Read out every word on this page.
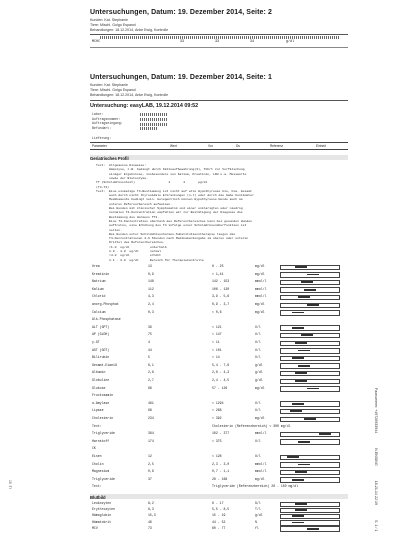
Untersuchungen, Datum: 19. Dezember 2014, Seite: 2
Kunden: Kat. Stephanie
Tiere: Mischl. Golgo Espanol
Behandlungen: 18.12.2014, Anke Ewig, Kontrolle
MCHC	33	33	34	g/dl
Untersuchungen, Datum: 19. Dezember 2014, Seite: 1
Kunden: Kat. Stephanie
Tiere: Mischl. Golgo Espanol
Behandlungen: 18.12.2014, Anke Ewig, Kontrolle
Untersuchung: easyLAB, 19.12.2014 09:52
Labor:
Auftragsnummer:
Auftragseingang:
Befundart:
Lieferung:
Parameter	Wert	Vor	Ds	Referenz	Einheit
Geriatrisches Profil
Text:  Allgemeine Hinweise:
Hämolyse, z.B. bedingt durch Kälteaufbewahrung(3), führt zur Verfälschung
einiger Ergebnisse, insbesondere von Kalium, Kreatinin, LDH u.a. Messwerte
sowie der Blutenzyme.
TT (Schilddrüsentest)                  1       4       µg/dl
(T4-T4)
Text:  Eine einmalige T4-Bestimmung ist nicht auf alle Hypothyreose bis, bzw. Gesamt
auch durch nicht thyreoidale Erkrankungen (n-l) oder durch die Gabe bestimmter
Medikamente bedingt sein. Gelegentlich können Hypothyreose Hunde auch im
unteren Referenzbereich aufweisen.
Bei Hunden mit klinischer Symptomatik und einer unklarigten oder niedrig
normalen T4-Konzentration empfehlen wir zur Bestätigung der Diagnose die
Bestimmung des Hormons fT4.
Eine T4-Konzentration oberhalb des Referenzbereiches kann bei gesunden Hunden
auftreten, eine Erhöhung des T4 infolge einer Schilddrüsenüberfunktion ist
selten.
Bei Hunden unter Schilddrüsenhormon-Substitutionstherapie liegen die
T4-Konzentrationen 4-6 Stunden nach Medikamentengabe im oberen oder unteren
Drittel des Referenzbereiches.
<1.0  ug/dl           unterhalb
1.0 - 4.0  ug/dl      normal
>4.0  ug/dl           erhöht
1.1 - 3.8  ug/dl      Bereich für Therapiekontrolle
Urea	13	6 - 25	mg/dl
Kreatinin	0,9	< 1,41	mg/dl
Natrium	148	142 - 153	mmol/l
Kalium	112	106 - 120	mmol/l
Chlorid	4,3	3,9 - 5,6	mmol/l
anorg.Phosphat	2,4	0,9 - 3,7	mg/dl
Calcium	0,3	< 0,6	mg/dl
Alk.Phosphatase
ALT (GPT)	39	< 121	U/l
AP (GLDH)	75	< 147	U/l
γ-GT	4	< 11	U/l
AST (GOT)	44	< 101	U/l
Bilirubin	5	< 14	U/l
Gesamt-Eiweiß	6,1	5,4 - 7,6	g/dl
Albumin	2,8	2,8 - 4,3	g/dl
Globuline	2,7	2,4 - 4,5	g/dl
Glukose	96	57 - 126	mg/dl
Fructosamin
α-Amylase	461	< 1294	U/l
Lipase	68	< 268	U/l
Cholesterin	234	< 392	mg/dl
Text:	Cholesterin (Referenzbereich) < 300 mg/dl
Triglyceride	384	102 - 377	mmol/l
Harnstoff	174	< 375	U/l
CK
Eisen	12	< 128	U/l
Cholin	2,5	2,3 - 3,0	mmol/l
Magnesium	0,8	0,7 - 1,1	mmol/l
Triglyceride	37	28 - 168	mg/dl
Text:	Triglyceride (Referenzbereich) 28 - 150 mg/dl
Blutbild
Leukozyten	8,2	6 - 17	G/l
Erythrozyten	6,3	5,5 - 8,5	T/l
Hämoglobin	15,3	15 - 19	g/dl
Hämatokrit	46	44 - 52	%
MCV	73	60 - 77	fl
Faxnummer: +49726933944 N.ENSING 18-21-14 22:19 S. 1 / 1
15 :TI
